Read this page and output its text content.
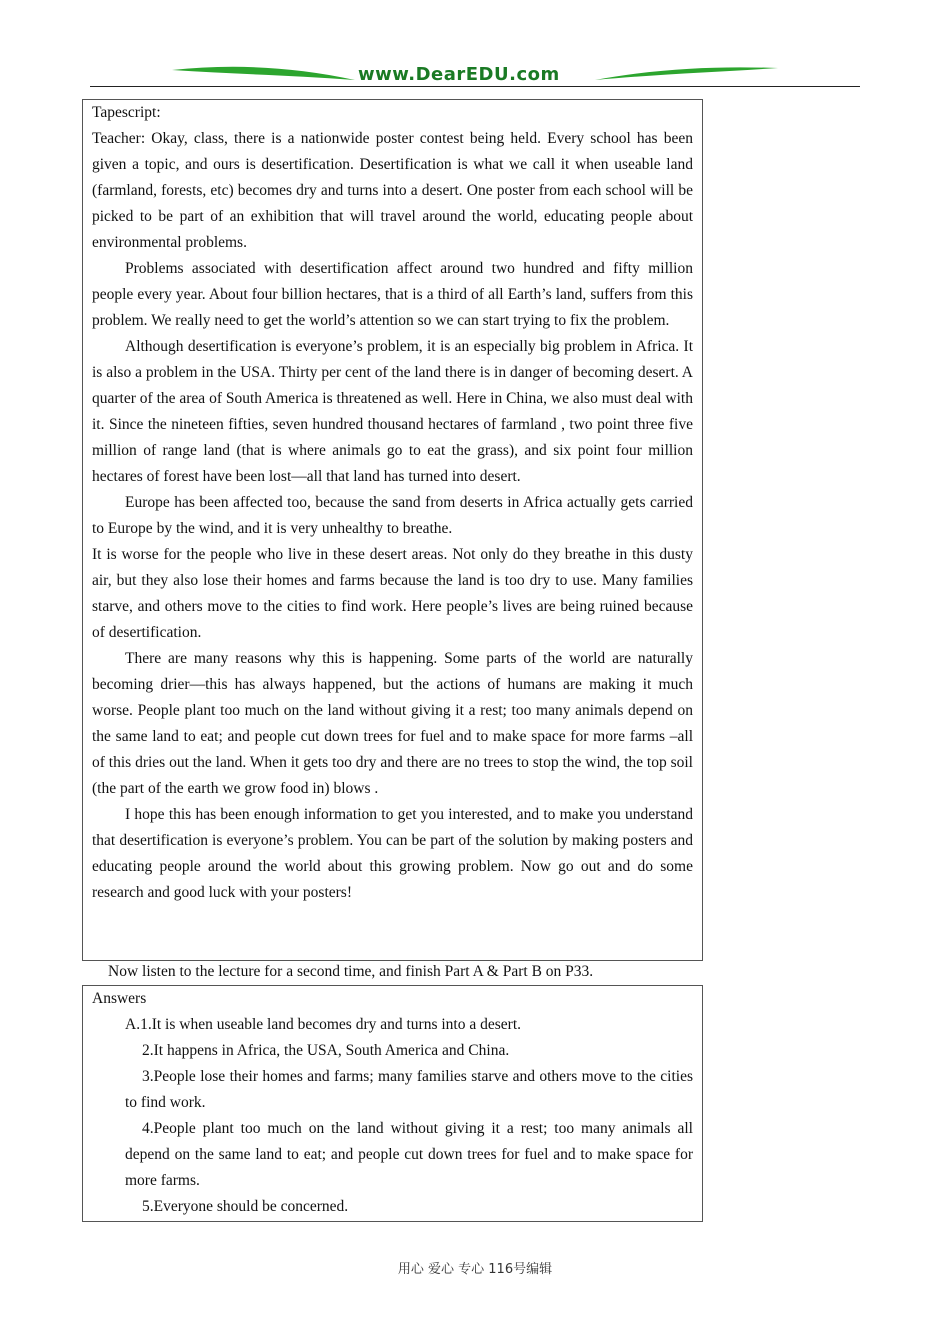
www.DearEDU.com

Tapescript:

Teacher: Okay, class, there is a nationwide poster contest being held. Every school has been given a topic, and ours is desertification. Desertification is what we call it when useable land (farmland, forests, etc) becomes dry and turns into a desert. One poster from each school will be picked to be part of an exhibition that will travel around the world, educating people about environmental problems.

Problems associated with desertification affect around two hundred and fifty million people every year. About four billion hectares, that is a third of all Earth’s land, suffers from this problem. We really need to get the world’s attention so we can start trying to fix the problem.

Although desertification is everyone’s problem, it is an especially big problem in Africa. It is also a problem in the USA. Thirty per cent of the land there is in danger of becoming desert. A quarter of the area of South America is threatened as well. Here in China, we also must deal with it. Since the nineteen fifties, seven hundred thousand hectares of farmland , two point three five million of range land (that is where animals go to eat the grass), and six point four million hectares of forest have been lost—all that land has turned into desert.

Europe has been affected too, because the sand from deserts in Africa actually gets carried to Europe by the wind, and it is very unhealthy to breathe.

It is worse for the people who live in these desert areas. Not only do they breathe in this dusty air, but they also lose their homes and farms because the land is too dry to use. Many families starve, and others move to the cities to find work. Here people’s lives are being ruined because of desertification.

There are many reasons why this is happening. Some parts of the world are naturally becoming drier—this has always happened, but the actions of humans are making it much worse. People plant too much on the land without giving it a rest; too many animals depend on the same land to eat; and people cut down trees for fuel and to make space for more farms –all of this dries out the land. When it gets too dry and there are no trees to stop the wind, the top soil (the part of the earth we grow food in) blows .

I hope this has been enough information to get you interested, and to make you understand that desertification is everyone’s problem. You can be part of the solution by making posters and educating people around the world about this growing problem. Now go out and do some research and good luck with your posters!

Now listen to the lecture for a second time, and finish Part A & Part B on P33.

Answers

A.1.It is when useable land becomes dry and turns into a desert.

2.It happens in Africa, the USA, South America and China.

3.People lose their homes and farms; many families starve and others move to the cities to find work.

4.People plant too much on the land without giving it a rest; too many animals all depend on the same land to eat; and people cut down trees for fuel and to make space for more farms.

5.Everyone should be concerned.

用心 爱心 专心 116号编辑
